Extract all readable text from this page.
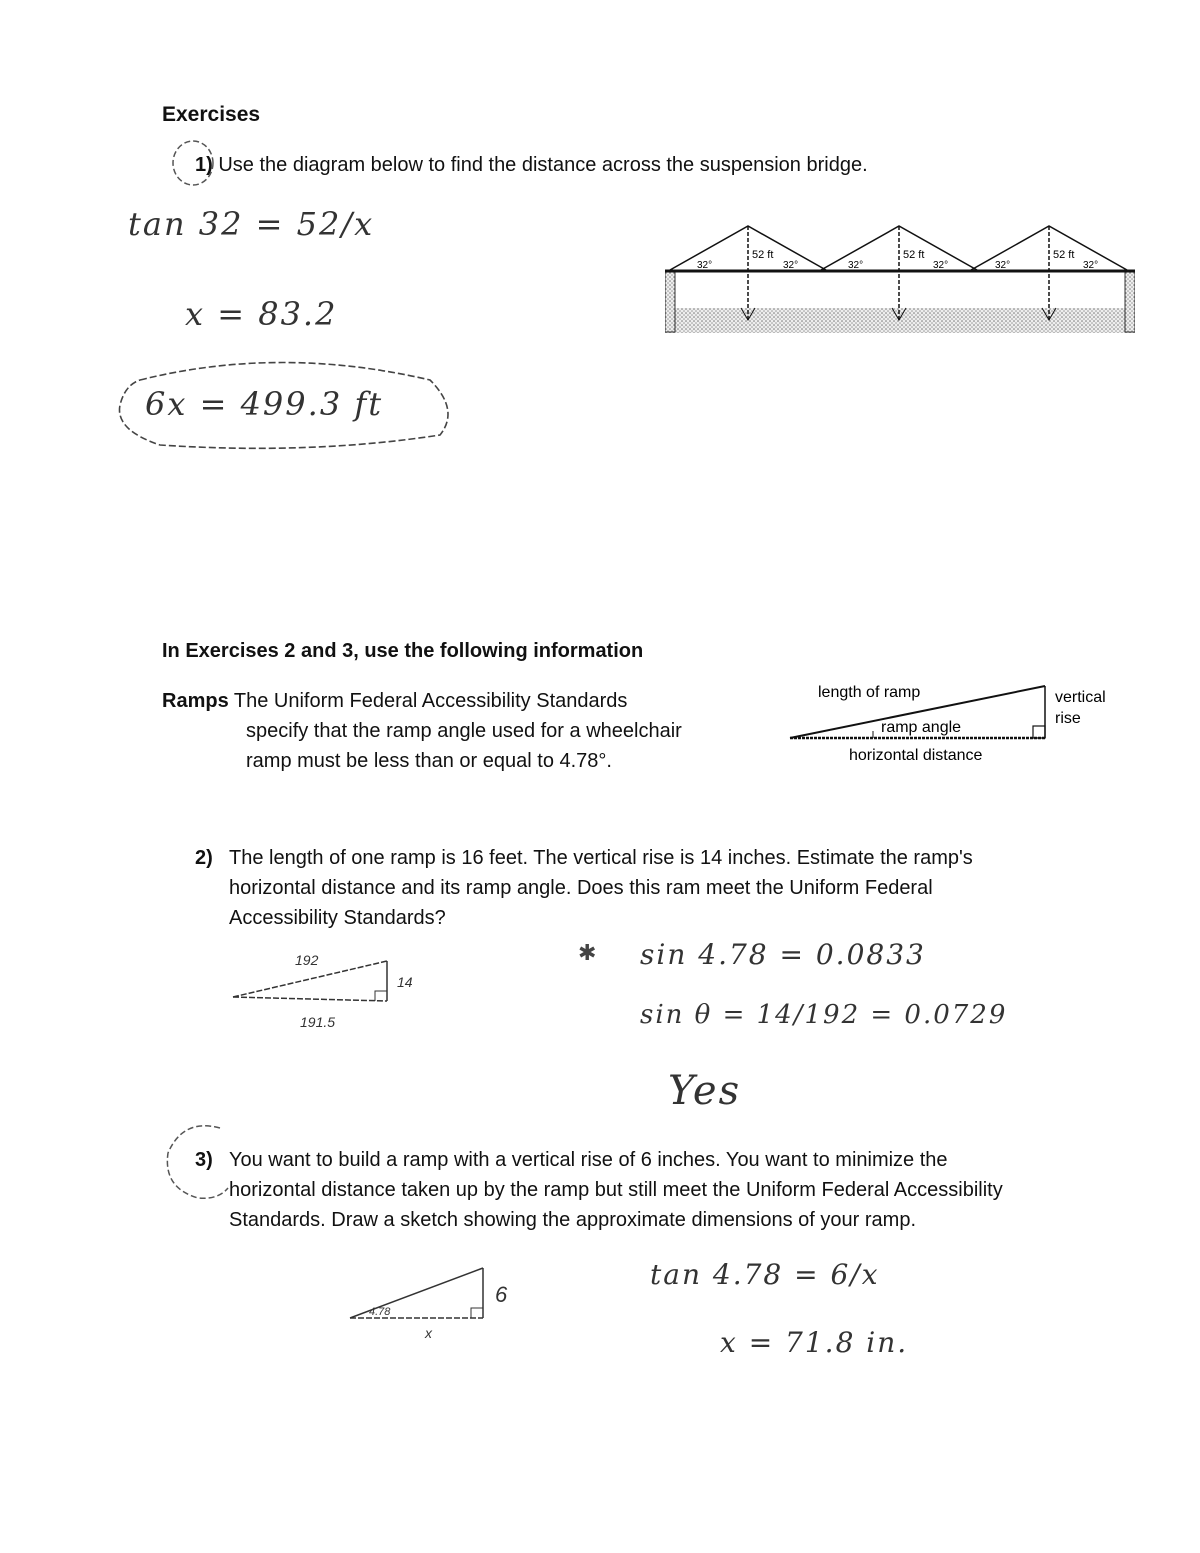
Exercises
1) Use the diagram below to find the distance across the suspension bridge.
tan 32 = 52/x
x = 83.2
6x = 499.3 ft
52 ft	52 ft	52 ft
32°	32°	32°	32°	32°	32°
In Exercises 2 and 3, use the following information
Ramps The Uniform Federal Accessibility Standards
specify that the ramp angle used for a wheelchair
ramp must be less than or equal to 4.78°.
length of ramp	vertical
rise
ramp angle
horizontal distance
2) The length of one ramp is 16 feet. The vertical rise is 14 inches. Estimate the ramp's
horizontal distance and its ramp angle. Does this ram meet the Uniform Federal
Accessibility Standards?
192
14
191.5
✱ sin 4.78 = 0.0833
sin θ = 14/192 = 0.0729
Yes
3) You want to build a ramp with a vertical rise of 6 inches. You want to minimize the
horizontal distance taken up by the ramp but still meet the Uniform Federal Accessibility
Standards. Draw a sketch showing the approximate dimensions of your ramp.
4.78
6
x
tan 4.78 = 6/x
x = 71.8 in.
